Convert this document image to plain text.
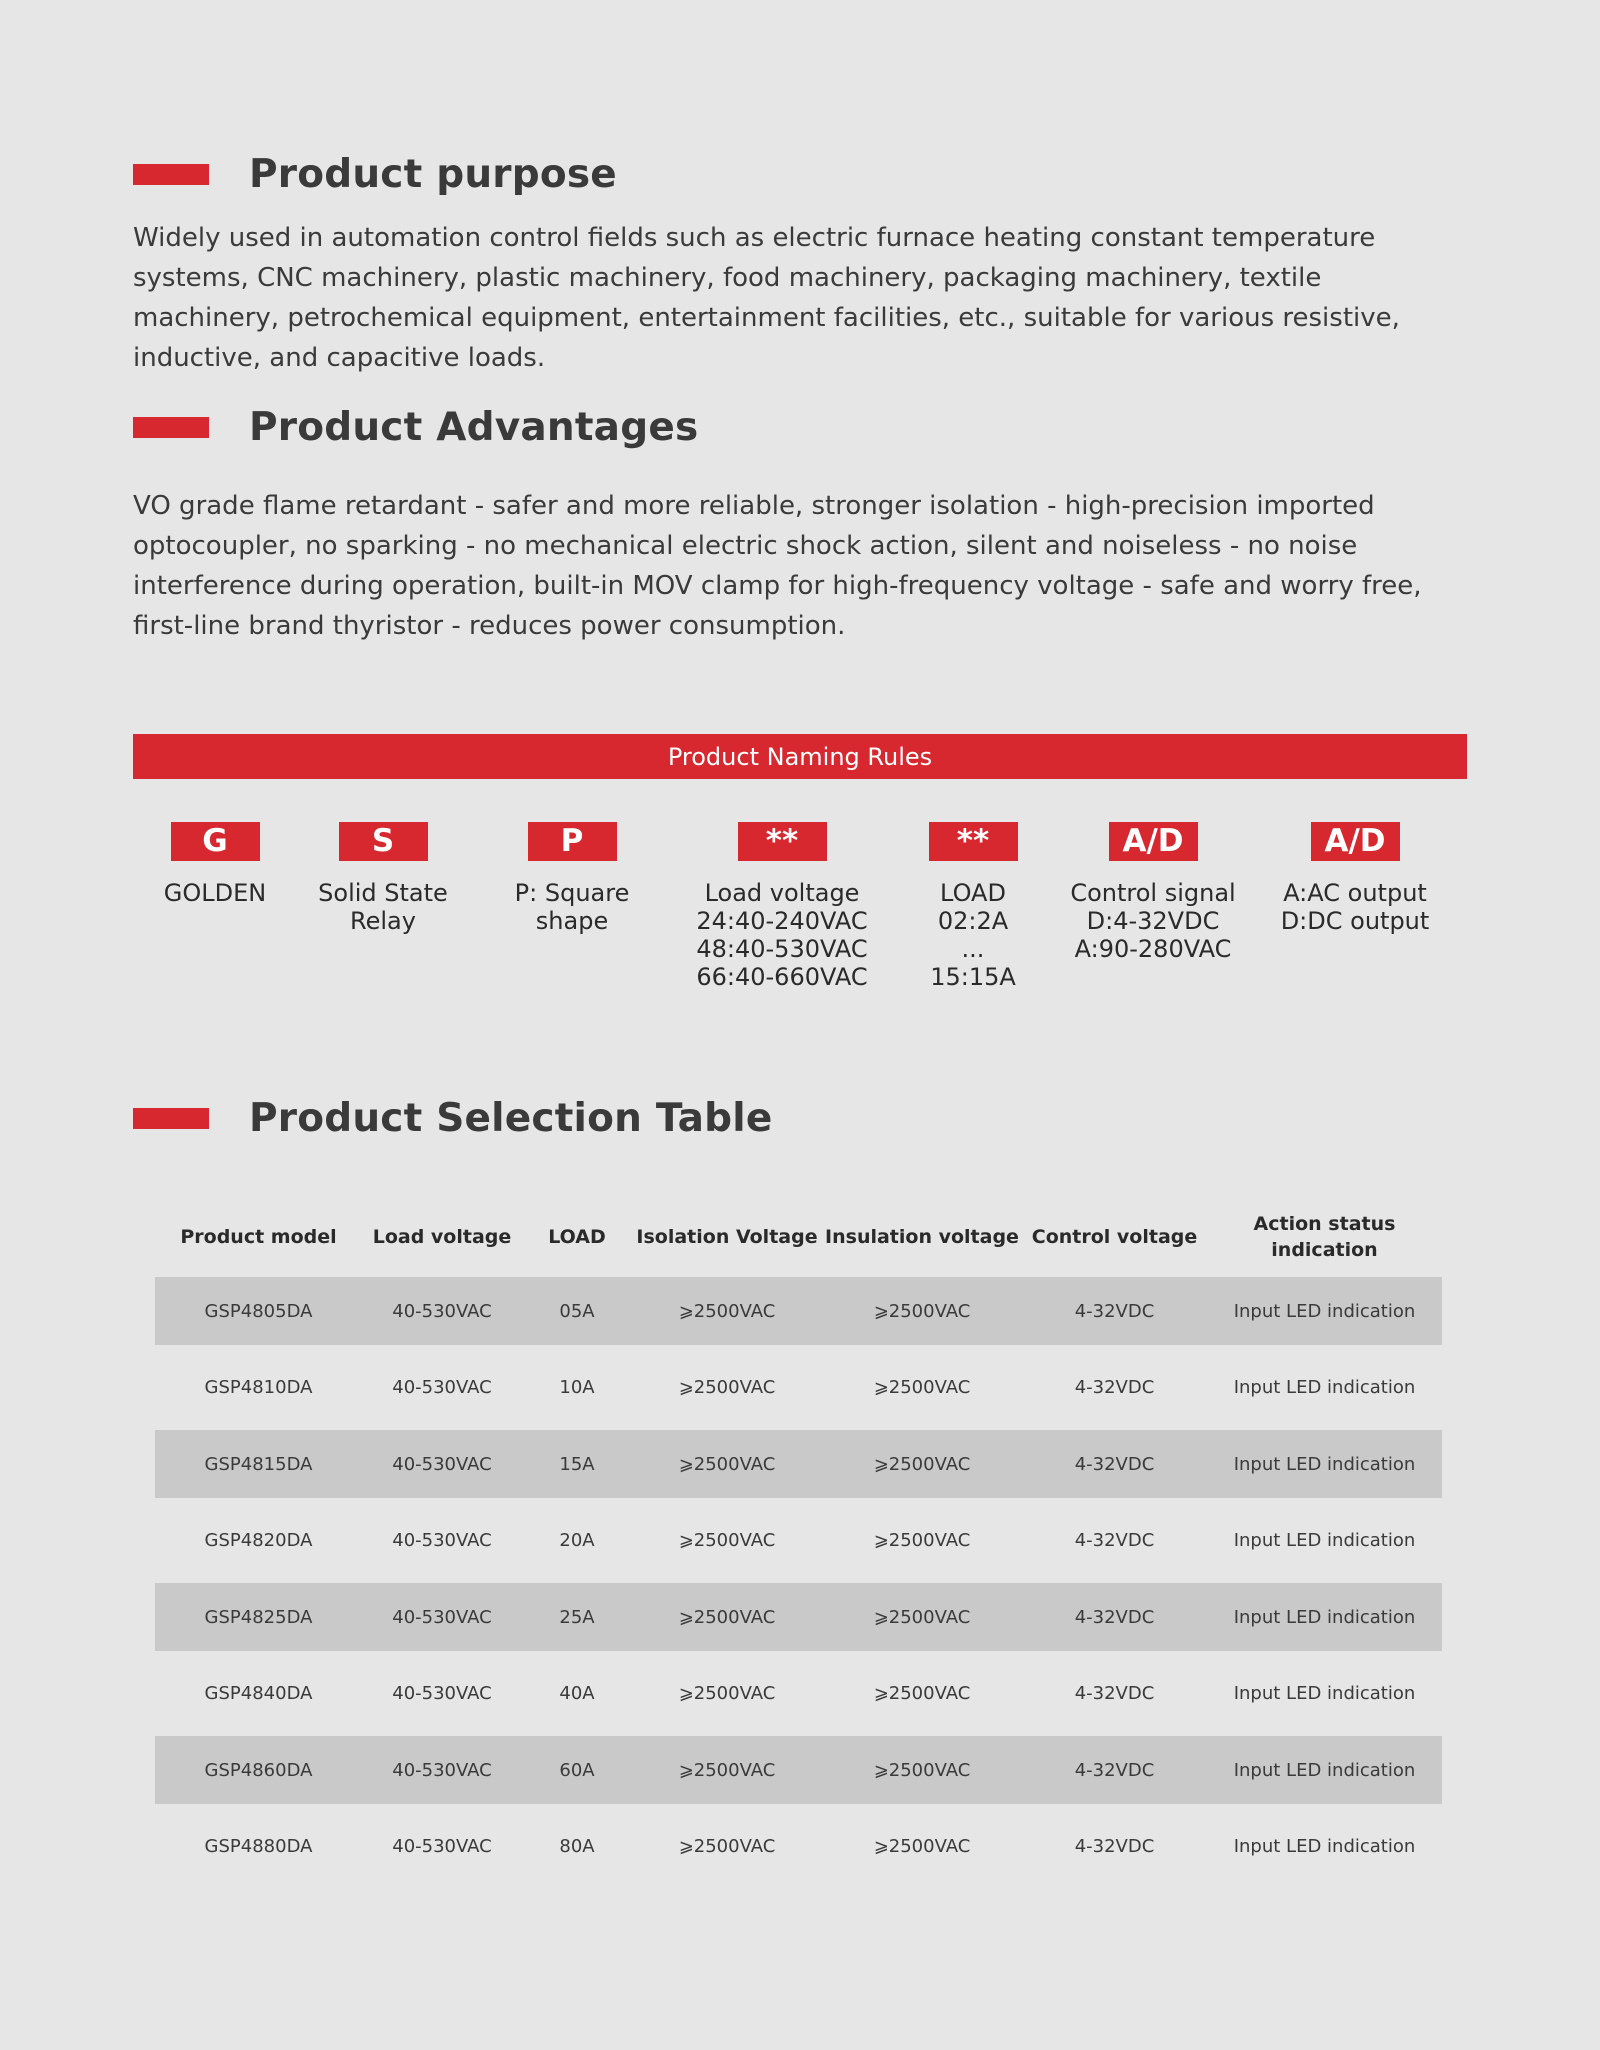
Product purpose

Widely used in automation control fields such as electric furnace heating constant temperature systems, CNC machinery, plastic machinery, food machinery, packaging machinery, textile machinery, petrochemical equipment, entertainment facilities, etc., suitable for various resistive, inductive, and capacitive loads.

Product Advantages

VO grade flame retardant - safer and more reliable, stronger isolation - high-precision imported optocoupler, no sparking - no mechanical electric shock action, silent and noiseless - no noise interference during operation, built-in MOV clamp for high-frequency voltage - safe and worry free, first-line brand thyristor - reduces power consumption.

Product Naming Rules
G
GOLDEN
S
Solid State Relay
P
P: Square
shape
**
Load voltage
24:40-240VAC
48:40-530VAC
66:40-660VAC
**
LOAD
02:2A
...
15:15A
A/D
Control signal
D:4-32VDC
A:90-280VAC
A/D
A:AC output
D:DC output
Product Selection Table
Product model	Load voltage	LOAD	Isolation Voltage	Insulation voltage	Control voltage	Action status
indication
GSP4805DA	40-530VAC	05A	⩾2500VAC	⩾2500VAC	4-32VDC	Input LED indication
GSP4810DA	40-530VAC	10A	⩾2500VAC	⩾2500VAC	4-32VDC	Input LED indication
GSP4815DA	40-530VAC	15A	⩾2500VAC	⩾2500VAC	4-32VDC	Input LED indication
GSP4820DA	40-530VAC	20A	⩾2500VAC	⩾2500VAC	4-32VDC	Input LED indication
GSP4825DA	40-530VAC	25A	⩾2500VAC	⩾2500VAC	4-32VDC	Input LED indication
GSP4840DA	40-530VAC	40A	⩾2500VAC	⩾2500VAC	4-32VDC	Input LED indication
GSP4860DA	40-530VAC	60A	⩾2500VAC	⩾2500VAC	4-32VDC	Input LED indication
GSP4880DA	40-530VAC	80A	⩾2500VAC	⩾2500VAC	4-32VDC	Input LED indication
